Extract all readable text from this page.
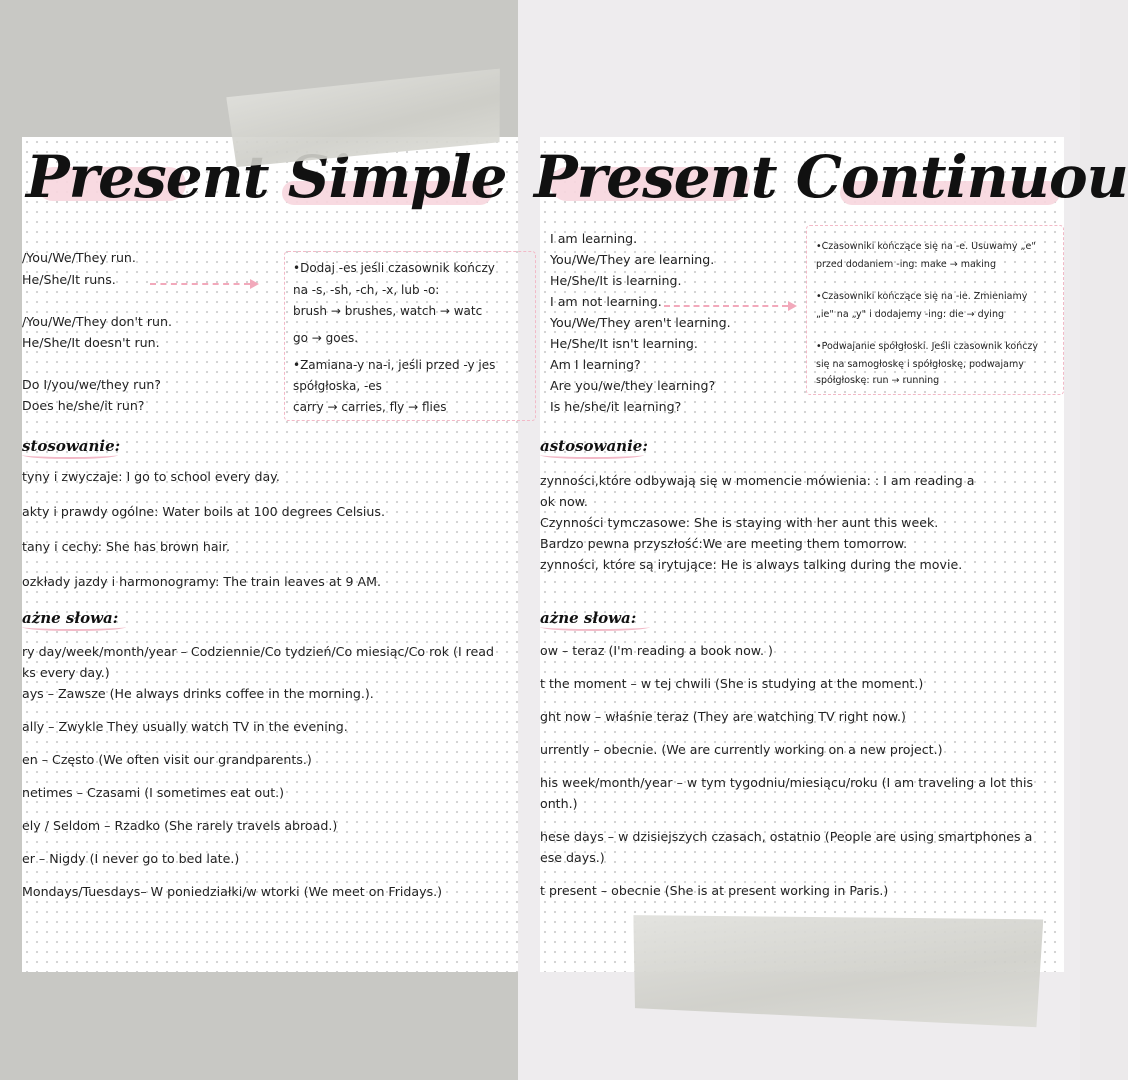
Present Simple
/You/We/They run.
He/She/It runs.
/You/We/They don't run.
He/She/It doesn't run.
Do I/you/we/they run?
Does he/she/it run?
•Dodaj -es jeśli czasownik kończy
na -s, -sh, -ch, -x, lub -o:
brush → brushes, watch → watc
go → goes.
•Zamiana-y na-i, jeśli przed -y jes
spółgłoska, -es
carry → carries, fly → flies
stosowanie:
tyny i zwyczaje: I go to school every day.
akty i prawdy ogólne: Water boils at 100 degrees Celsius.
tany i cechy: She has brown hair.
ozkłady jazdy i harmonogramy: The train leaves at 9 AM.
ażne słowa:
ry day/week/month/year – Codziennie/Co tydzień/Co miesiąc/Co rok (I read
ks every day.)
ays – Zawsze (He always drinks coffee in the morning.).
ally – Zwykle They usually watch TV in the evening.
en – Często (We often visit our grandparents.)
netimes – Czasami (I sometimes eat out.)
ely / Seldom – Rzadko (She rarely travels abroad.)
er – Nigdy (I never go to bed late.)
Mondays/Tuesdays– W poniedziałki/w wtorki (We meet on Fridays.)
Present Continuou
I am learning.
You/We/They are learning.
He/She/It is learning.
I am not learning.
You/We/They aren't learning.
He/She/It isn't learning.
Am I learning?
Are you/we/they learning?
Is he/she/it learning?
•Czasowniki kończące się na -e. Usuwamy „e"
przed dodaniem -ing: make → making
•Czasowniki kończące się na -ie. Zmieniamy
„ie" na „y" i dodajemy -ing: die → dying
•Podwajanie spółgłoski. Jeśli czasownik kończy
się na samogłoskę i spółgłoskę, podwajamy
spółgłoskę: run → running
astosowanie:
zynności,które odbywają się w momencie mówienia: : I am reading a
ok now.
Czynności tymczasowe: She is staying with her aunt this week.
Bardzo pewna przyszłość:We are meeting them tomorrow.
zynności, które są irytujące: He is always talking during the movie.
ażne słowa:
ow – teraz (I'm reading a book now. )
t the moment – w tej chwili (She is studying at the moment.)
ght now – właśnie teraz (They are watching TV right now.)
urrently – obecnie. (We are currently working on a new project.)
his week/month/year – w tym tygodniu/miesiącu/roku (I am traveling a lot this
onth.)
hese days – w dzisiejszych czasach, ostatnio (People are using smartphones a
ese days.)
t present – obecnie (She is at present working in Paris.)
